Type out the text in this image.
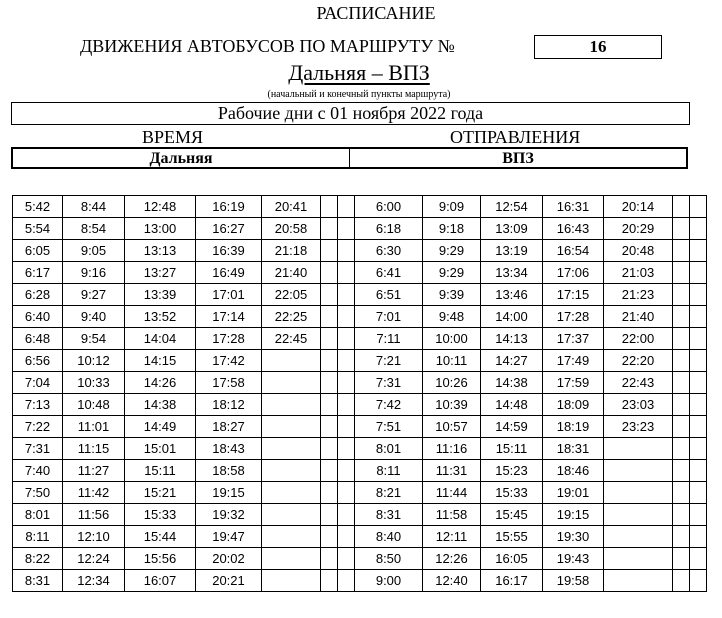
РАСПИСАНИЕ
ДВИЖЕНИЯ АВТОБУСОВ ПО МАРШРУТУ №	16
Дальняя – ВПЗ
(начальный и конечный пункты маршрута)
Рабочие дни с 01 ноября 2022 года
ВРЕМЯ	ОТПРАВЛЕНИЯ
Дальняя	ВПЗ
5:42	8:44	12:48	16:19	20:41			6:00	9:09	12:54	16:31	20:14		
5:54	8:54	13:00	16:27	20:58			6:18	9:18	13:09	16:43	20:29		
6:05	9:05	13:13	16:39	21:18			6:30	9:29	13:19	16:54	20:48		
6:17	9:16	13:27	16:49	21:40			6:41	9:29	13:34	17:06	21:03		
6:28	9:27	13:39	17:01	22:05			6:51	9:39	13:46	17:15	21:23		
6:40	9:40	13:52	17:14	22:25			7:01	9:48	14:00	17:28	21:40		
6:48	9:54	14:04	17:28	22:45			7:11	10:00	14:13	17:37	22:00		
6:56	10:12	14:15	17:42				7:21	10:11	14:27	17:49	22:20		
7:04	10:33	14:26	17:58				7:31	10:26	14:38	17:59	22:43		
7:13	10:48	14:38	18:12				7:42	10:39	14:48	18:09	23:03		
7:22	11:01	14:49	18:27				7:51	10:57	14:59	18:19	23:23		
7:31	11:15	15:01	18:43				8:01	11:16	15:11	18:31			
7:40	11:27	15:11	18:58				8:11	11:31	15:23	18:46			
7:50	11:42	15:21	19:15				8:21	11:44	15:33	19:01			
8:01	11:56	15:33	19:32				8:31	11:58	15:45	19:15			
8:11	12:10	15:44	19:47				8:40	12:11	15:55	19:30			
8:22	12:24	15:56	20:02				8:50	12:26	16:05	19:43			
8:31	12:34	16:07	20:21				9:00	12:40	16:17	19:58			
